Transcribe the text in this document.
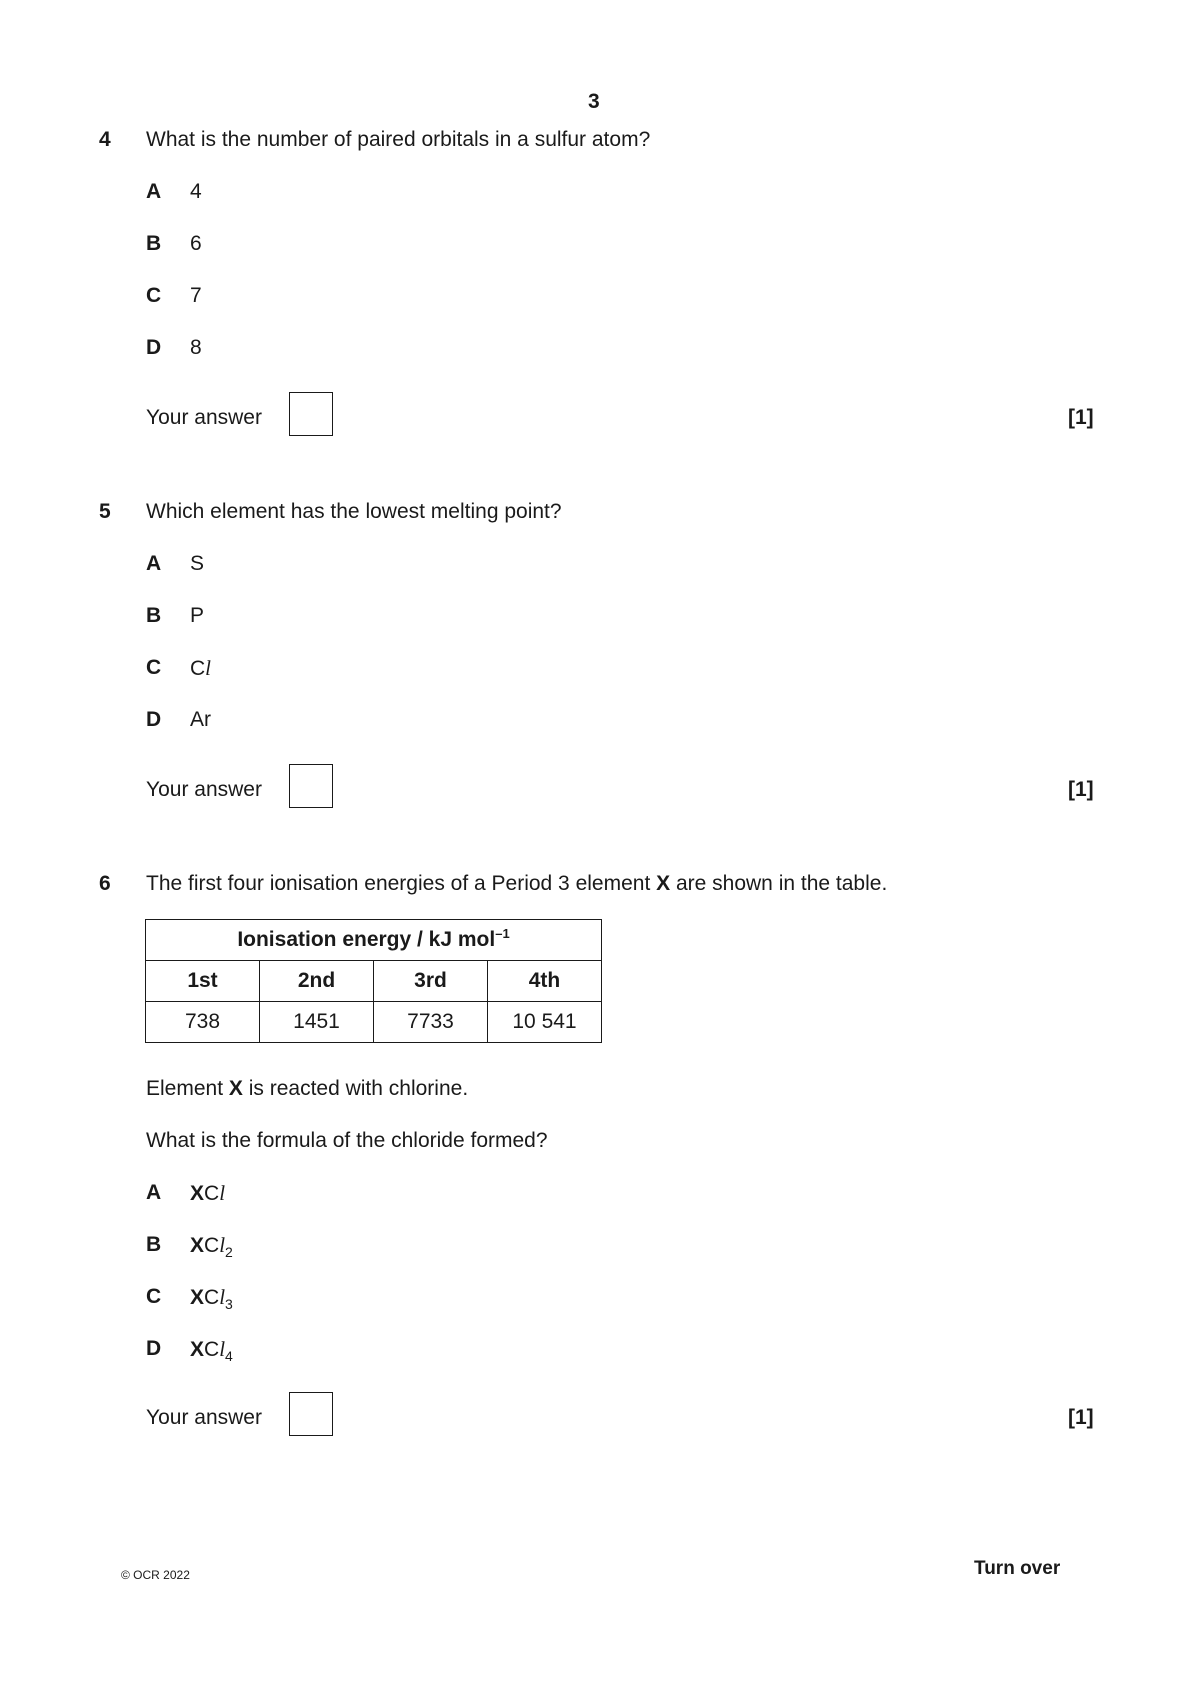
3
4 What is the number of paired orbitals in a sulfur atom?
A 4
B 6
C 7
D 8
Your answer	[1]
5 Which element has the lowest melting point?
A S
B P
C Cl
D Ar
Your answer	[1]
6 The first four ionisation energies of a Period 3 element X are shown in the table.
Ionisation energy / kJ mol$^{-1}$
1st	2nd	3rd	4th
738	1451	7733	10 541
Element X is reacted with chlorine.
What is the formula of the chloride formed?
A XCl
B XCl$_2$
C XCl$_3$
D XCl$_4$
Your answer	[1]
© OCR 2022	Turn over
